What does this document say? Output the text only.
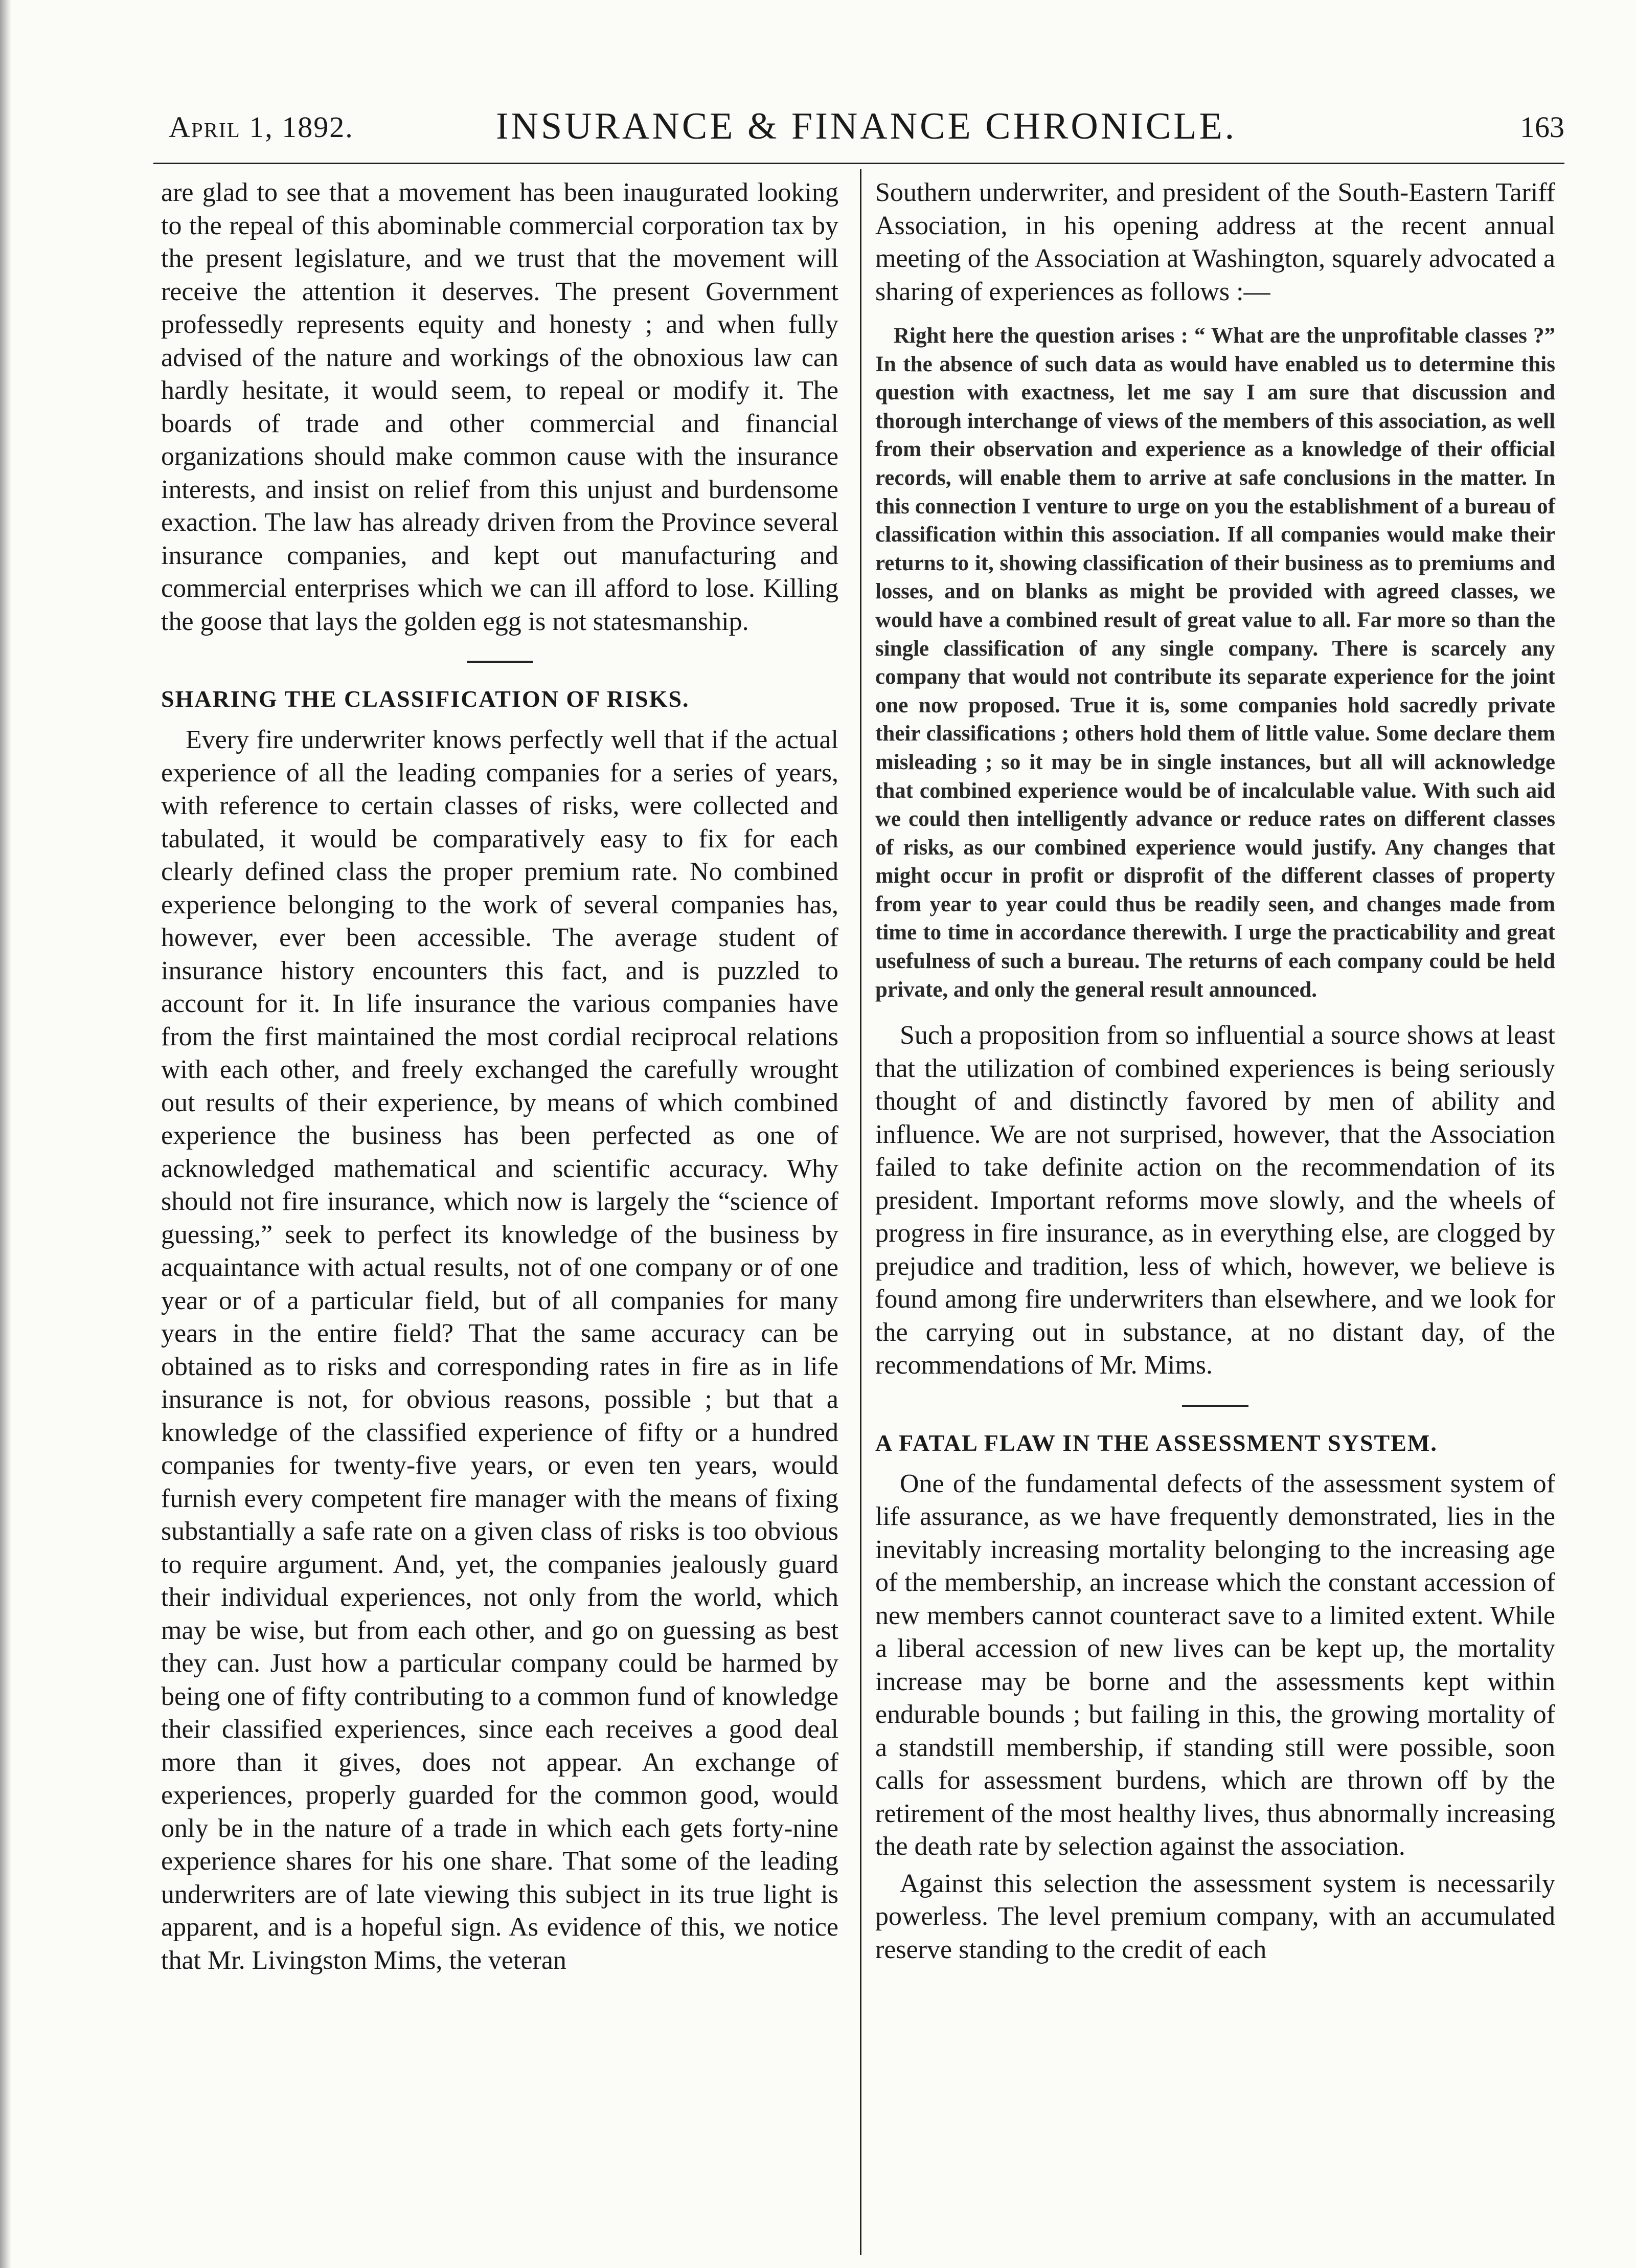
April 1, 1892.	INSURANCE & FINANCE CHRONICLE.	163

are glad to see that a movement has been inaugurated looking to the repeal of this abominable commercial corporation tax by the present legislature, and we trust that the movement will receive the attention it deserves. The present Government professedly represents equity and honesty ; and when fully advised of the nature and workings of the obnoxious law can hardly hesitate, it would seem, to repeal or modify it. The boards of trade and other commercial and financial organizations should make common cause with the insurance interests, and insist on relief from this unjust and burdensome exaction. The law has already driven from the Province several insurance companies, and kept out manufacturing and commercial enterprises which we can ill afford to lose. Killing the goose that lays the golden egg is not statesmanship.

SHARING THE CLASSIFICATION OF RISKS.

Every fire underwriter knows perfectly well that if the actual experience of all the leading companies for a series of years, with reference to certain classes of risks, were collected and tabulated, it would be comparatively easy to fix for each clearly defined class the proper premium rate. No combined experience belonging to the work of several companies has, however, ever been accessible. The average student of insurance history encounters this fact, and is puzzled to account for it. In life insurance the various companies have from the first maintained the most cordial reciprocal relations with each other, and freely exchanged the carefully wrought out results of their experience, by means of which combined experience the business has been perfected as one of acknowledged mathematical and scientific accuracy. Why should not fire insurance, which now is largely the “science of guessing,” seek to perfect its knowledge of the business by acquaintance with actual results, not of one company or of one year or of a particular field, but of all companies for many years in the entire field? That the same accuracy can be obtained as to risks and corresponding rates in fire as in life insurance is not, for obvious reasons, possible ; but that a knowledge of the classified experience of fifty or a hundred companies for twenty-five years, or even ten years, would furnish every competent fire manager with the means of fixing substantially a safe rate on a given class of risks is too obvious to require argument. And, yet, the companies jealously guard their individual experiences, not only from the world, which may be wise, but from each other, and go on guessing as best they can. Just how a particular company could be harmed by being one of fifty contributing to a common fund of knowledge their classified experiences, since each receives a good deal more than it gives, does not appear. An exchange of experiences, properly guarded for the common good, would only be in the nature of a trade in which each gets forty-nine experience shares for his one share. That some of the leading underwriters are of late viewing this subject in its true light is apparent, and is a hopeful sign. As evidence of this, we notice that Mr. Livingston Mims, the veteran

Southern underwriter, and president of the South-Eastern Tariff Association, in his opening address at the recent annual meeting of the Association at Washington, squarely advocated a sharing of experiences as follows :—

Right here the question arises : “ What are the unprofitable classes ?” In the absence of such data as would have enabled us to determine this question with exactness, let me say I am sure that discussion and thorough interchange of views of the members of this association, as well from their observation and experience as a knowledge of their official records, will enable them to arrive at safe conclusions in the matter. In this connection I venture to urge on you the establishment of a bureau of classification within this association. If all companies would make their returns to it, showing classification of their business as to premiums and losses, and on blanks as might be provided with agreed classes, we would have a combined result of great value to all. Far more so than the single classification of any single company. There is scarcely any company that would not contribute its separate experience for the joint one now proposed. True it is, some companies hold sacredly private their classifications ; others hold them of little value. Some declare them misleading ; so it may be in single instances, but all will acknowledge that combined experience would be of incalculable value. With such aid we could then intelligently advance or reduce rates on different classes of risks, as our combined experience would justify. Any changes that might occur in profit or disprofit of the different classes of property from year to year could thus be readily seen, and changes made from time to time in accordance therewith. I urge the practicability and great usefulness of such a bureau. The returns of each company could be held private, and only the general result announced.

Such a proposition from so influential a source shows at least that the utilization of combined experiences is being seriously thought of and distinctly favored by men of ability and influence. We are not surprised, however, that the Association failed to take definite action on the recommendation of its president. Important reforms move slowly, and the wheels of progress in fire insurance, as in everything else, are clogged by prejudice and tradition, less of which, however, we believe is found among fire underwriters than elsewhere, and we look for the carrying out in substance, at no distant day, of the recommendations of Mr. Mims.

A FATAL FLAW IN THE ASSESSMENT SYSTEM.

One of the fundamental defects of the assessment system of life assurance, as we have frequently demonstrated, lies in the inevitably increasing mortality belonging to the increasing age of the membership, an increase which the constant accession of new members cannot counteract save to a limited extent. While a liberal accession of new lives can be kept up, the mortality increase may be borne and the assessments kept within endurable bounds ; but failing in this, the growing mortality of a standstill membership, if standing still were possible, soon calls for assessment burdens, which are thrown off by the retirement of the most healthy lives, thus abnormally increasing the death rate by selection against the association.

Against this selection the assessment system is necessarily powerless. The level premium company, with an accumulated reserve standing to the credit of each
